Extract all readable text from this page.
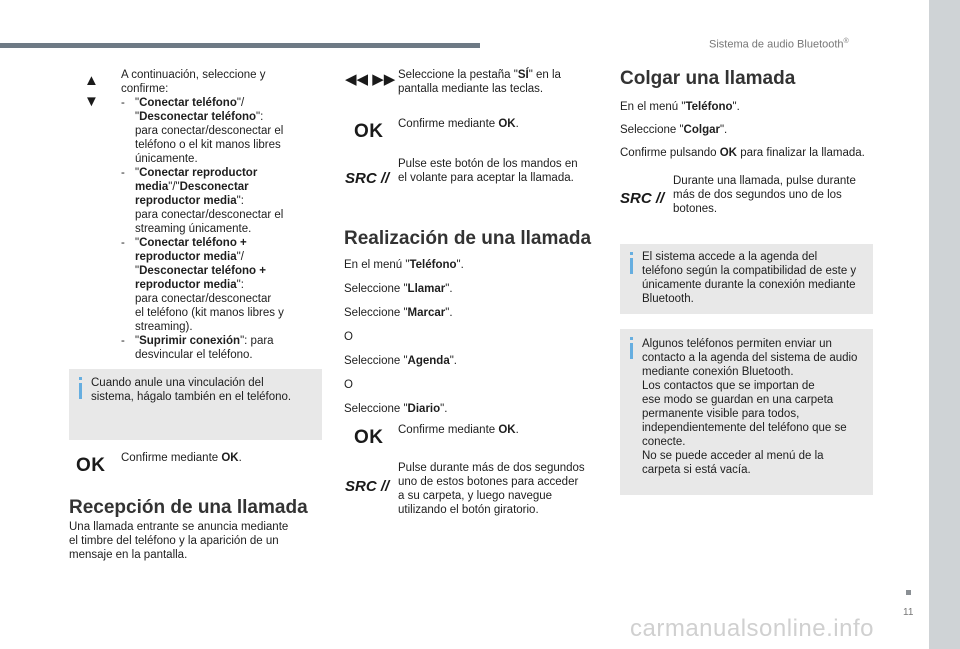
Sistema de audio Bluetooth®
11
▲
▼
A continuación, seleccione y
confirme:
- "Conectar teléfono"/
"Desconectar teléfono":
para conectar/desconectar el
teléfono o el kit manos libres
únicamente.
- "Conectar reproductor
media"/"Desconectar
reproductor media":
para conectar/desconectar el
streaming únicamente.
- "Conectar teléfono +
reproductor media"/
"Desconectar teléfono +
reproductor media":
para conectar/desconectar
el teléfono (kit manos libres y
streaming).
- "Suprimir conexión": para
desvincular el teléfono.
Cuando anule una vinculación del
sistema, hágalo también en el teléfono.
OK Confirme mediante OK.
Recepción de una llamada
Una llamada entrante se anuncia mediante
el timbre del teléfono y la aparición de un
mensaje en la pantalla.
◀◀ ▶▶ Seleccione la pestaña "SÍ" en la
pantalla mediante las teclas.
OK Confirme mediante OK.
SRC //
Pulse este botón de los mandos en
el volante para aceptar la llamada.
Realización de una llamada
En el menú "Teléfono".
Seleccione "Llamar".
Seleccione "Marcar".
O
Seleccione "Agenda".
O
Seleccione "Diario".
OK Confirme mediante OK.
SRC //
Pulse durante más de dos segundos
uno de estos botones para acceder
a su carpeta, y luego navegue
utilizando el botón giratorio.
Colgar una llamada
En el menú "Teléfono".
Seleccione "Colgar".
Confirme pulsando OK para finalizar la llamada.
SRC //
Durante una llamada, pulse durante
más de dos segundos uno de los
botones.
El sistema accede a la agenda del
teléfono según la compatibilidad de este y
únicamente durante la conexión mediante
Bluetooth.
Algunos teléfonos permiten enviar un
contacto a la agenda del sistema de audio
mediante conexión Bluetooth.
Los contactos que se importan de
ese modo se guardan en una carpeta
permanente visible para todos,
independientemente del teléfono que se
conecte.
No se puede acceder al menú de la
carpeta si está vacía.
carmanualsonline.info
